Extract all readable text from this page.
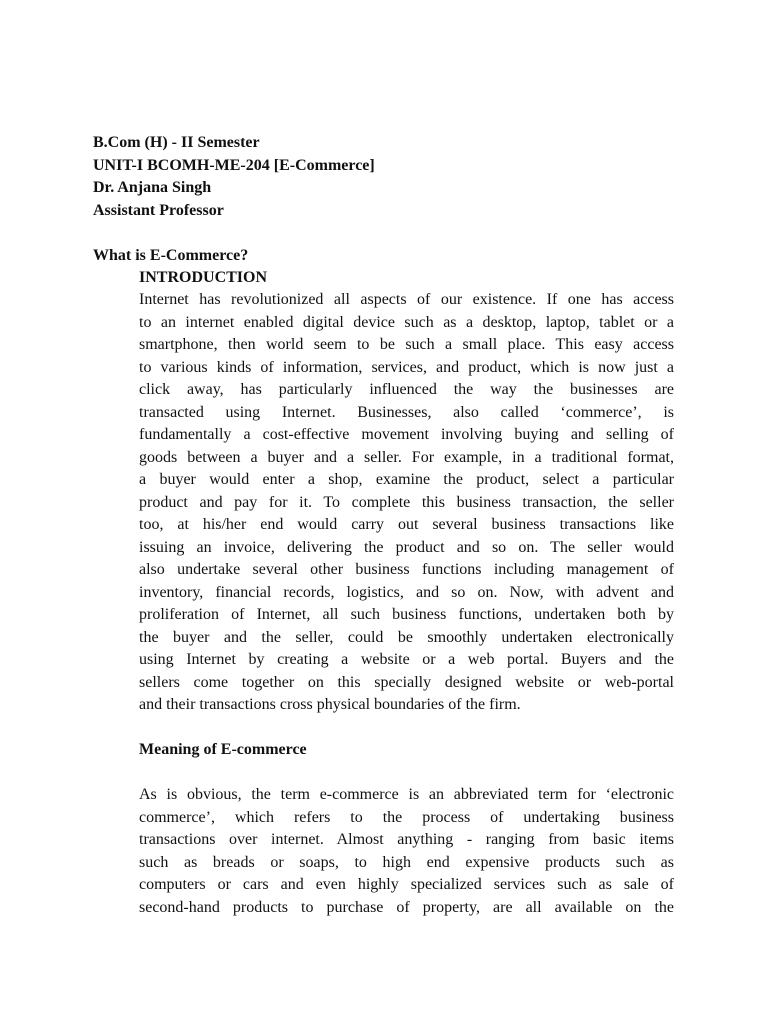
B.Com (H) - II Semester
UNIT-I BCOMH-ME-204 [E-Commerce]
Dr. Anjana Singh
Assistant Professor
What is E-Commerce?
INTRODUCTION

Internet has revolutionized all aspects of our existence. If one has access
to an internet enabled digital device such as a desktop, laptop, tablet or a
smartphone, then world seem to be such a small place. This easy access
to various kinds of information, services, and product, which is now just a
click away, has particularly influenced the way the businesses are
transacted using Internet. Businesses, also called ‘commerce’, is
fundamentally a cost-effective movement involving buying and selling of
goods between a buyer and a seller. For example, in a traditional format,
a buyer would enter a shop, examine the product, select a particular
product and pay for it. To complete this business transaction, the seller
too, at his/her end would carry out several business transactions like
issuing an invoice, delivering the product and so on. The seller would
also undertake several other business functions including management of
inventory, financial records, logistics, and so on. Now, with advent and
proliferation of Internet, all such business functions, undertaken both by
the buyer and the seller, could be smoothly undertaken electronically
using Internet by creating a website or a web portal. Buyers and the
sellers come together on this specially designed website or web-portal
and their transactions cross physical boundaries of the firm.

Meaning of E-commerce

As is obvious, the term e-commerce is an abbreviated term for ‘electronic
commerce’, which refers to the process of undertaking business
transactions over internet. Almost anything - ranging from basic items
such as breads or soaps, to high end expensive products such as
computers or cars and even highly specialized services such as sale of
second-hand products to purchase of property, are all available on the
